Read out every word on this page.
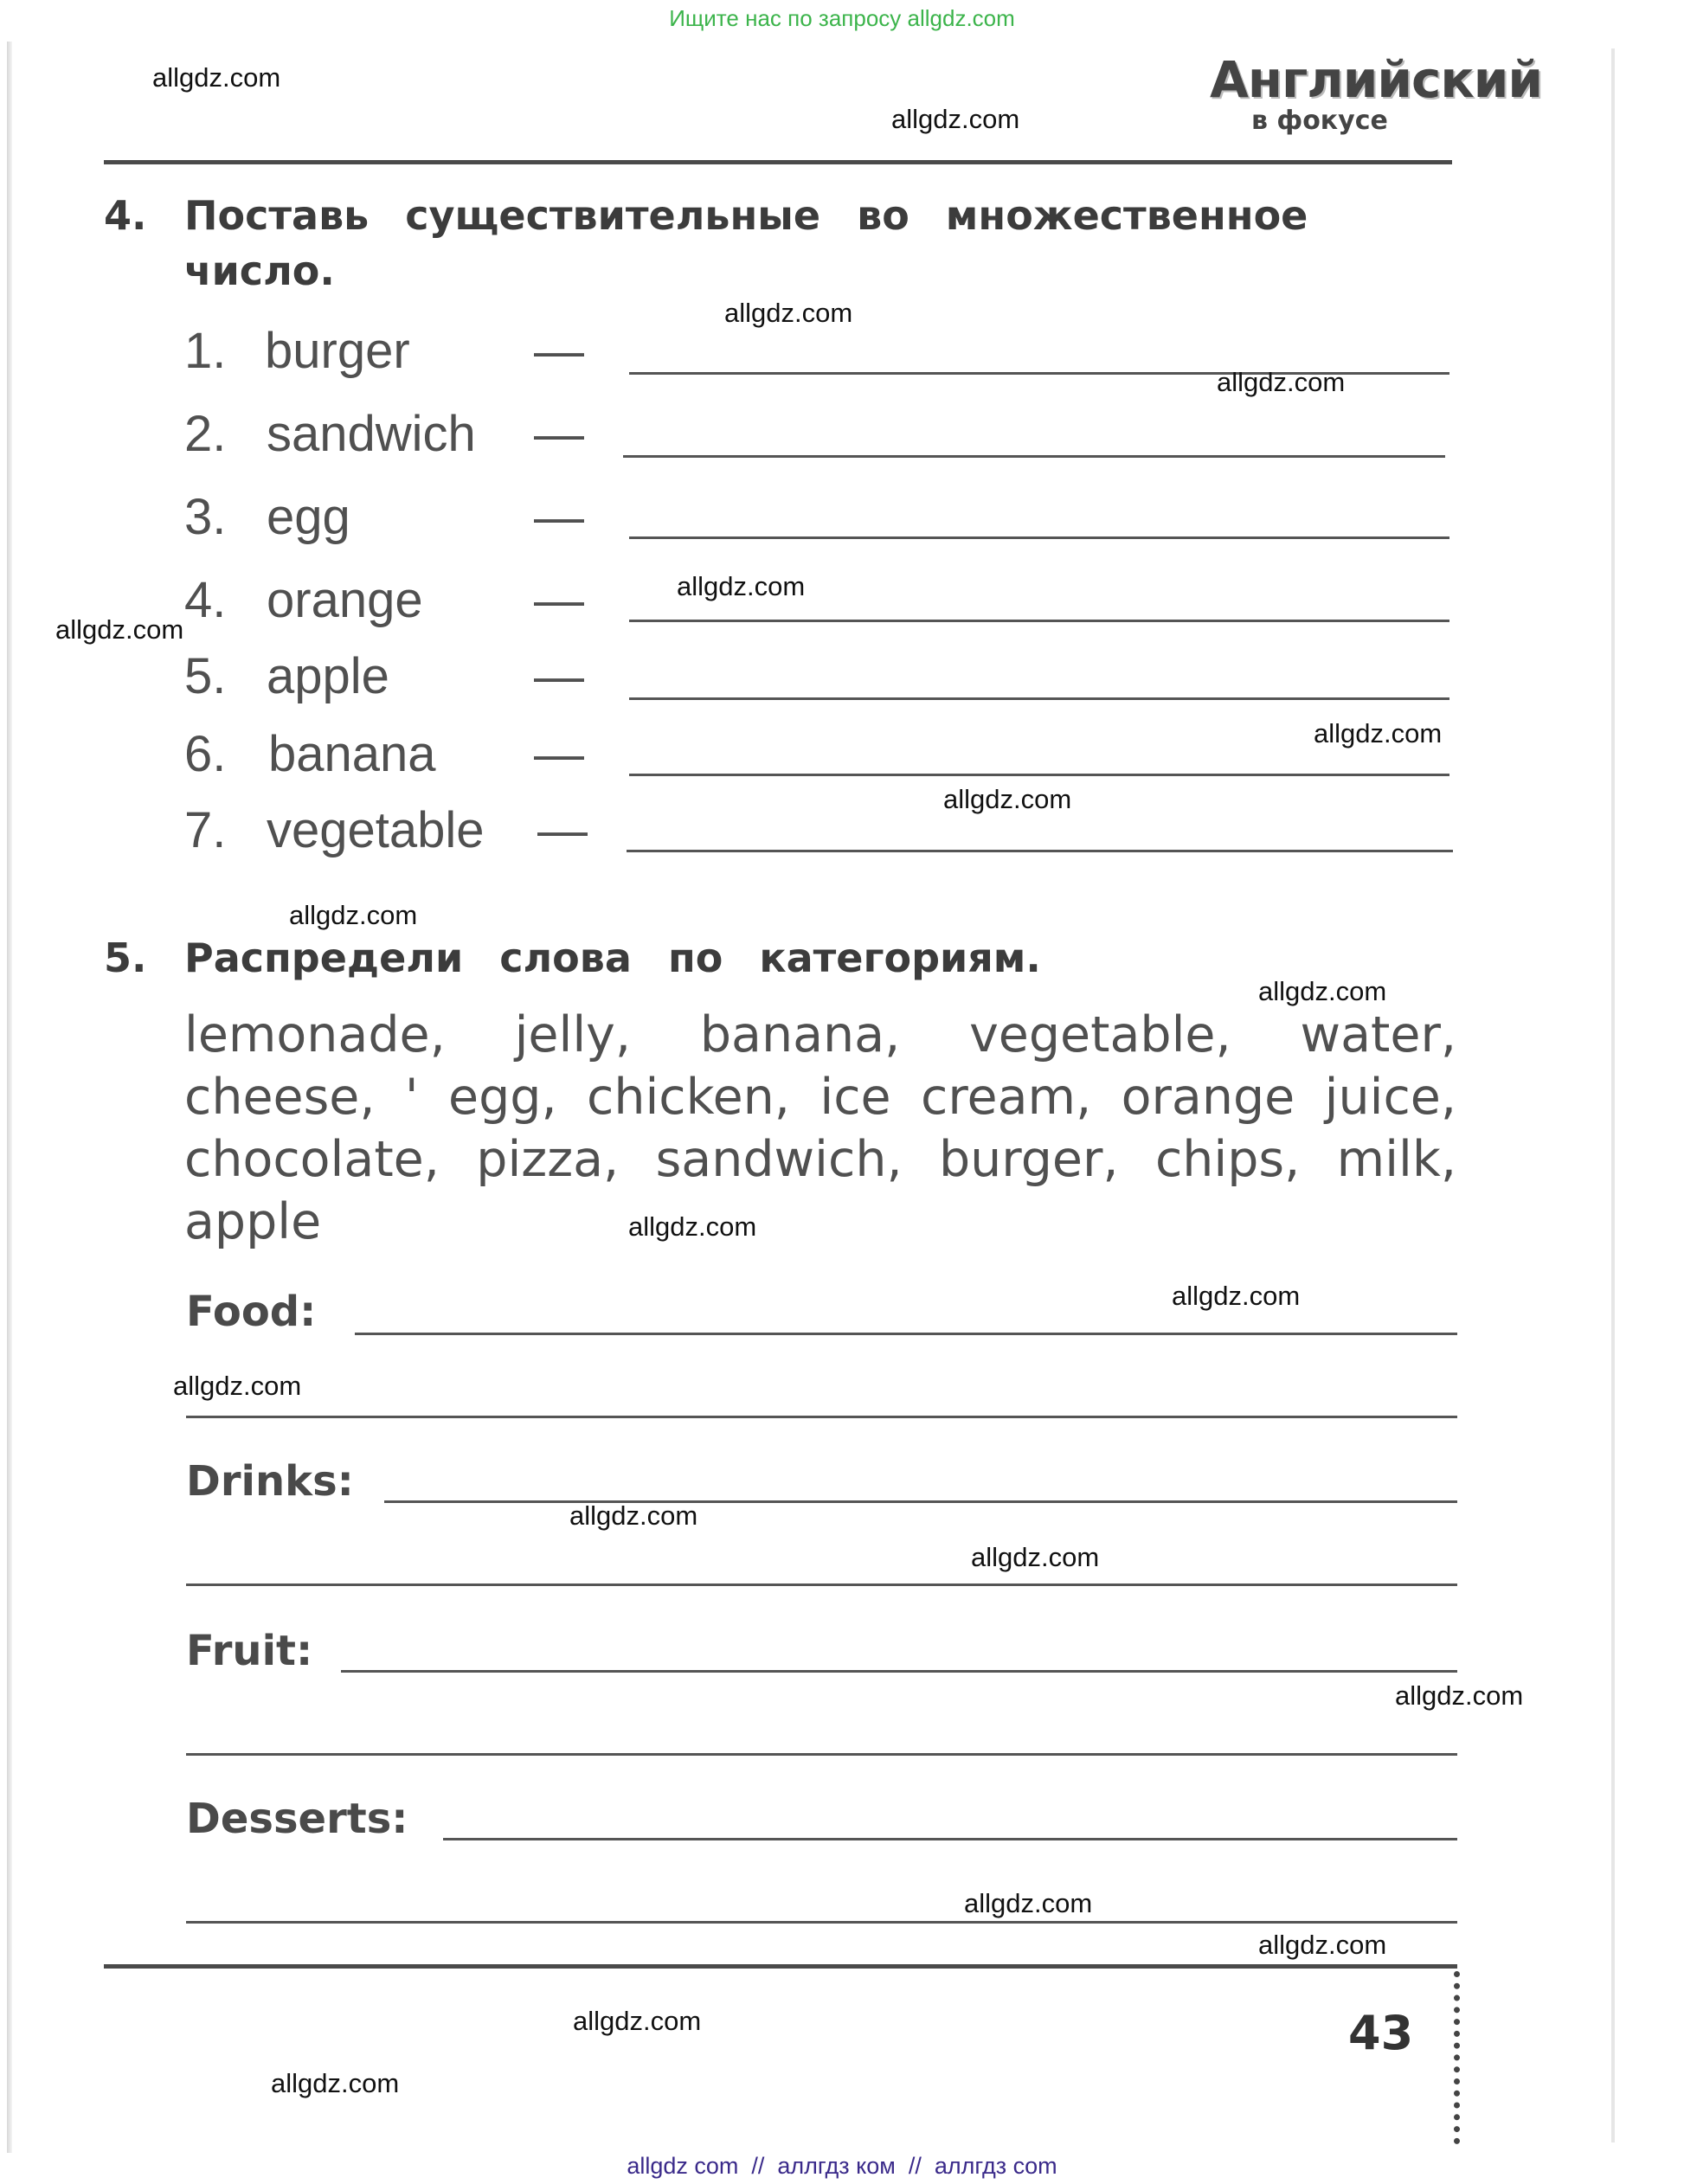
Ищите нас по запросу allgdz.com
Английский
в фокусе
4. Поставь существительные во множественное
число.
1. burger —
2. sandwich —
3. egg	—
4. orange —
5. apple	—
6. banana —
7. vegetable —
5. Распредели слова по категориям.
lemonade, jelly, banana, vegetable, water, cheese, ' egg, chicken, ice cream, orange juice, chocolate, pizza, sandwich, burger, chips, milk, apple
Food:
Drinks:
Fruit:
Desserts:
43
allgdz.com
allgdz.com
allgdz.com
allgdz.com
allgdz.com
allgdz.com
allgdz.com
allgdz.com
allgdz.com
allgdz.com
allgdz.com
allgdz.com
allgdz.com
allgdz.com
allgdz.com
allgdz.com
allgdz.com
allgdz.com
allgdz.com
allgdz.com
allgdz com  //  аллгдз ком  //  аллгдз com
